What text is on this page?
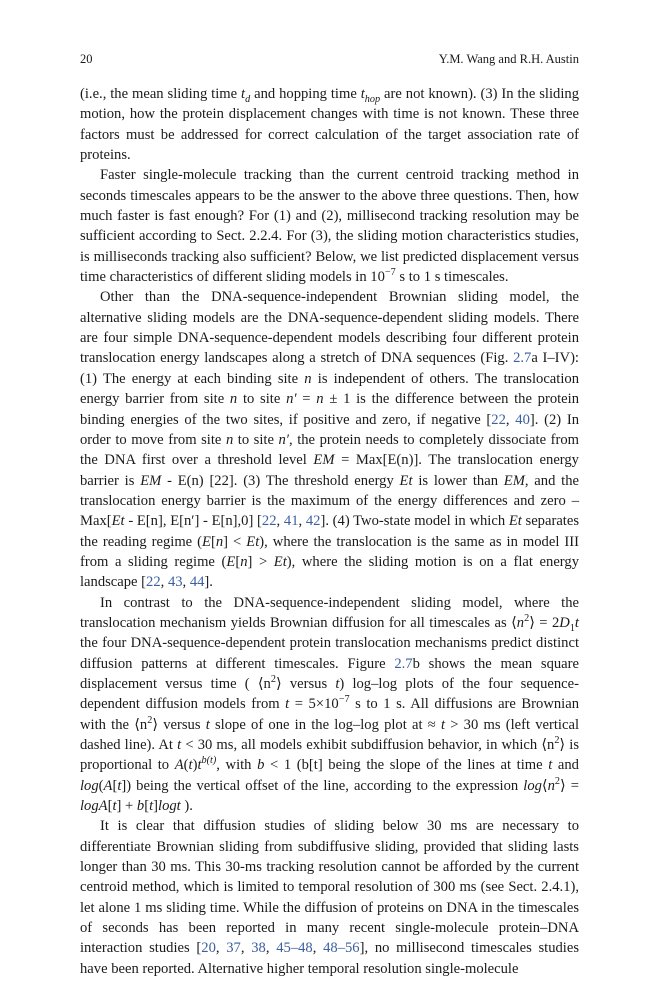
20	Y.M. Wang and R.H. Austin

(i.e., the mean sliding time $t_d$ and hopping time $t_{hop}$ are not known). (3) In the sliding motion, how the protein displacement changes with time is not known. These three factors must be addressed for correct calculation of the target association rate of proteins.

Faster single-molecule tracking than the current centroid tracking method in seconds timescales appears to be the answer to the above three questions. Then, how much faster is fast enough? For (1) and (2), millisecond tracking resolution may be sufficient according to Sect. 2.2.4. For (3), the sliding motion characteristics studies, is milliseconds tracking also sufficient? Below, we list predicted displacement versus time characteristics of different sliding models in $10^{-7}$ s to 1 s timescales.

Other than the DNA-sequence-independent Brownian sliding model, the alternative sliding models are the DNA-sequence-dependent sliding models. There are four simple DNA-sequence-dependent models describing four different protein translocation energy landscapes along a stretch of DNA sequences (Fig. 2.7a I–IV): (1) The energy at each binding site n is independent of others. The translocation energy barrier from site n to site n′ = n ± 1 is the difference between the protein binding energies of the two sites, if positive and zero, if negative [22, 40]. (2) In order to move from site n to site n′, the protein needs to completely dissociate from the DNA first over a threshold level EM = Max[E(n)]. The translocation energy barrier is EM - E(n) [22]. (3) The threshold energy Et is lower than EM, and the translocation energy barrier is the maximum of the energy differences and zero – Max[Et - E[n], E[n′] - E[n],0] [22, 41, 42]. (4) Two-state model in which Et separates the reading regime (E[n] < Et), where the translocation is the same as in model III from a sliding regime (E[n] > Et), where the sliding motion is on a flat energy landscape [22, 43, 44].

In contrast to the DNA-sequence-independent sliding model, where the translocation mechanism yields Brownian diffusion for all timescales as $⟨n^2⟩ = 2D_1t$ the four DNA-sequence-dependent protein translocation mechanisms predict distinct diffusion patterns at different timescales. Figure 2.7b shows the mean square displacement versus time ( $⟨n^2⟩$ versus t) log–log plots of the four sequence-dependent diffusion models from $t = 5\times 10^{-7}$ s to 1 s. All diffusions are Brownian with the $⟨n^2⟩$ versus t slope of one in the log–log plot at ≈ t > 30 ms (left vertical dashed line). At t < 30 ms, all models exhibit subdiffusion behavior, in which $⟨n^2⟩$ is proportional to $A(t)t^{b(t)}$, with b < 1 (b[t] being the slope of the lines at time t and log(A[t]) being the vertical offset of the line, according to the expression $\log⟨n^2⟩ = \log A[t] + b[t]\log t$ ).

It is clear that diffusion studies of sliding below 30 ms are necessary to differentiate Brownian sliding from subdiffusive sliding, provided that sliding lasts longer than 30 ms. This 30-ms tracking resolution cannot be afforded by the current centroid method, which is limited to temporal resolution of 300 ms (see Sect. 2.4.1), let alone 1 ms sliding time. While the diffusion of proteins on DNA in the timescales of seconds has been reported in many recent single-molecule protein–DNA interaction studies [20, 37, 38, 45–48, 48–56], no millisecond timescales studies have been reported. Alternative higher temporal resolution single-molecule
